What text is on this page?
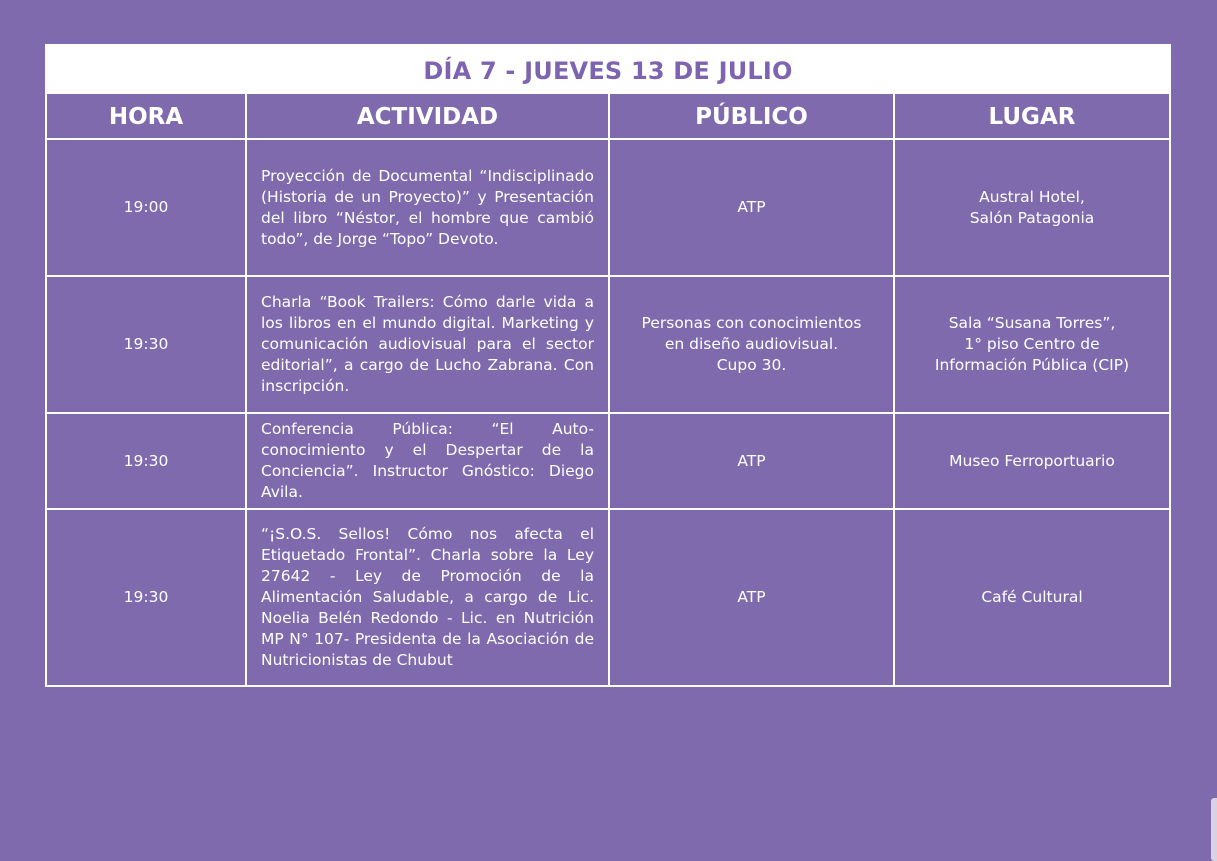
DÍA 7 - JUEVES 13 DE JULIO
HORA	ACTIVIDAD	PÚBLICO	LUGAR
19:00	Proyección de Documental “Indisciplinado (Historia de un Proyecto)” y Presentación del libro “Néstor, el hombre que cambió todo”, de Jorge “Topo” Devoto.	ATP	Austral Hotel,
Salón Patagonia
19:30	Charla “Book Trailers: Cómo darle vida a los libros en el mundo digital. Marketing y comunicación audiovisual para el sector editorial”, a cargo de Lucho Zabrana. Con inscripción.	Personas con conocimientos
en diseño audiovisual.
Cupo 30.	Sala “Susana Torres”,
1° piso Centro de
Información Pública (CIP)
19:30	Conferencia Pública: “El Auto-conocimiento y el Despertar de la Conciencia”. Instructor Gnóstico: Diego Avila.	ATP	Museo Ferroportuario
19:30	“¡S.O.S. Sellos! Cómo nos afecta el Etiquetado Frontal”. Charla sobre la Ley 27642 - Ley de Promoción de la Alimentación Saludable, a cargo de Lic. Noelia Belén Redondo - Lic. en Nutrición MP N° 107- Presidenta de la Asociación de Nutricionistas de Chubut	ATP	Café Cultural
